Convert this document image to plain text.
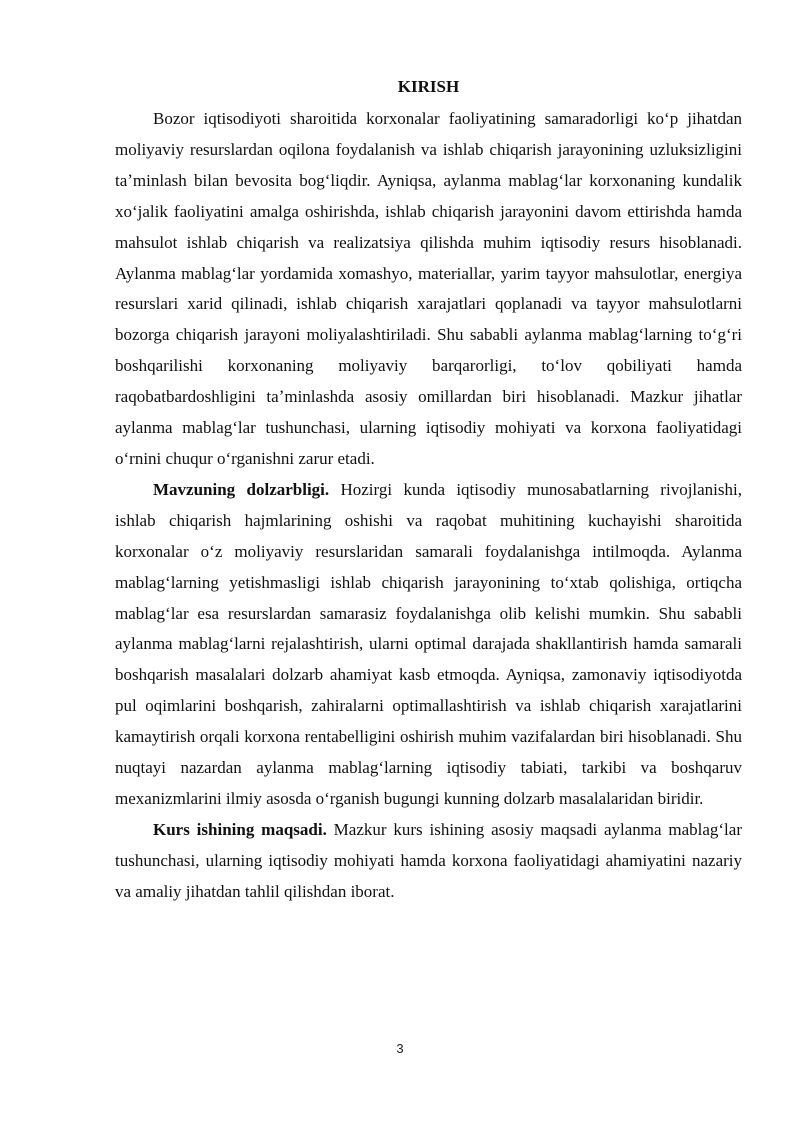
KIRISH

Bozor iqtisodiyoti sharoitida korxonalar faoliyatining samaradorligi koʻp jihatdan moliyaviy resurslardan oqilona foydalanish va ishlab chiqarish jarayonining uzluksizligini taʼminlash bilan bevosita bogʻliqdir. Ayniqsa, aylanma mablagʻlar korxonaning kundalik xoʻjalik faoliyatini amalga oshirishda, ishlab chiqarish jarayonini davom ettirishda hamda mahsulot ishlab chiqarish va realizatsiya qilishda muhim iqtisodiy resurs hisoblanadi. Aylanma mablagʻlar yordamida xomashyo, materiallar, yarim tayyor mahsulotlar, energiya resurslari xarid qilinadi, ishlab chiqarish xarajatlari qoplanadi va tayyor mahsulotlarni bozorga chiqarish jarayoni moliyalashtiriladi. Shu sababli aylanma mablagʻlarning toʻgʻri boshqarilishi korxonaning moliyaviy barqarorligi, toʻlov qobiliyati hamda raqobatbardoshligini taʼminlashda asosiy omillardan biri hisoblanadi. Mazkur jihatlar aylanma mablagʻlar tushunchasi, ularning iqtisodiy mohiyati va korxona faoliyatidagi oʻrnini chuqur oʻrganishni zarur etadi.

Mavzuning dolzarbligi. Hozirgi kunda iqtisodiy munosabatlarning rivojlanishi, ishlab chiqarish hajmlarining oshishi va raqobat muhitining kuchayishi sharoitida korxonalar oʻz moliyaviy resurslaridan samarali foydalanishga intilmoqda. Aylanma mablagʻlarning yetishmasligi ishlab chiqarish jarayonining toʻxtab qolishiga, ortiqcha mablagʻlar esa resurslardan samarasiz foydalanishga olib kelishi mumkin. Shu sababli aylanma mablagʻlarni rejalashtirish, ularni optimal darajada shakllantirish hamda samarali boshqarish masalalari dolzarb ahamiyat kasb etmoqda. Ayniqsa, zamonaviy iqtisodiyotda pul oqimlarini boshqarish, zahiralarni optimallashtirish va ishlab chiqarish xarajatlarini kamaytirish orqali korxona rentabelligini oshirish muhim vazifalardan biri hisoblanadi. Shu nuqtayi nazardan aylanma mablagʻlarning iqtisodiy tabiati, tarkibi va boshqaruv mexanizmlarini ilmiy asosda oʻrganish bugungi kunning dolzarb masalalaridan biridir.

Kurs ishining maqsadi. Mazkur kurs ishining asosiy maqsadi aylanma mablagʻlar tushunchasi, ularning iqtisodiy mohiyati hamda korxona faoliyatidagi ahamiyatini nazariy va amaliy jihatdan tahlil qilishdan iborat.

3
